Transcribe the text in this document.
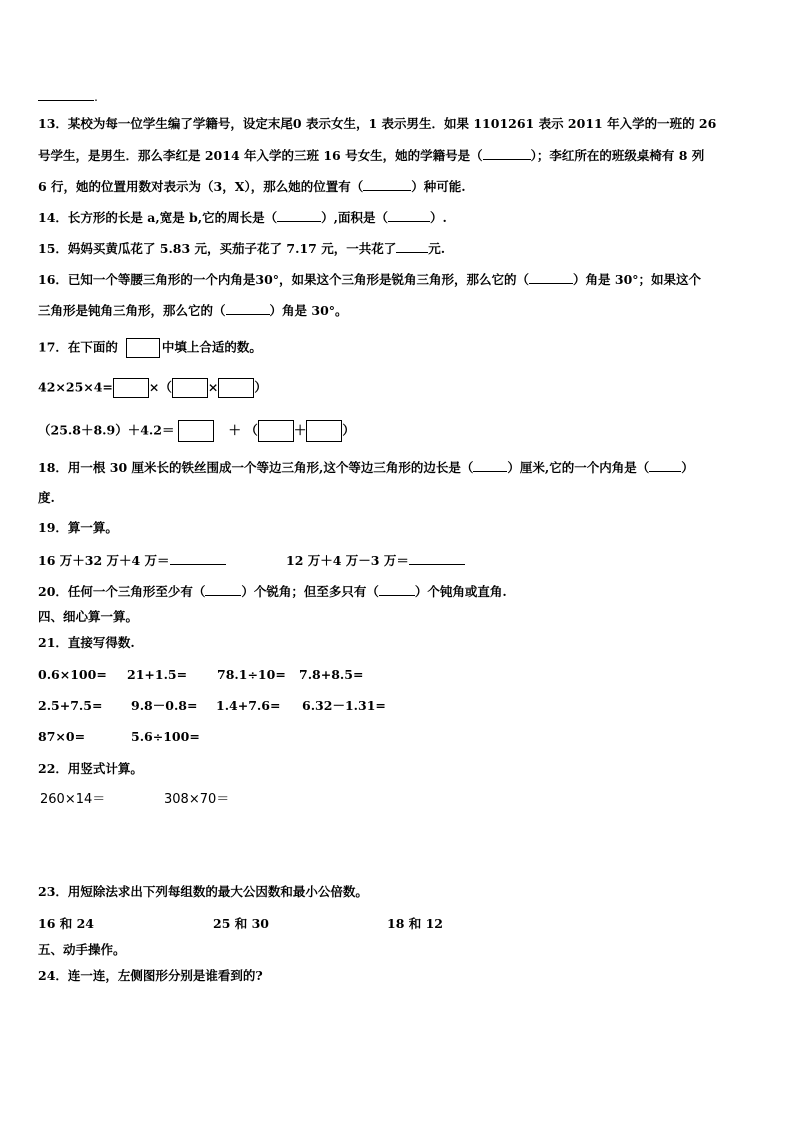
.
13．某校为每一位学生编了学籍号，设定末尾0 表示女生，1 表示男生．如果 1101261 表示 2011 年入学的一班的 26
号学生，是男生．那么李红是 2014 年入学的三班 16 号女生，她的学籍号是（	）；李红所在的班级桌椅有 8 列
6 行，她的位置用数对表示为（3，X），那么她的位置有（	）种可能.
14．长方形的长是 a,宽是 b,它的周长是（	）,面积是（	）.
15．妈妈买黄瓜花了 5.83 元，买茄子花了 7.17 元，一共花了	元.
16．已知一个等腰三角形的一个内角是30°，如果这个三角形是锐角三角形，那么它的（	）角是 30°；如果这个
三角形是钝角三角形，那么它的（	）角是 30°。
17．在下面的	中填上合适的数。
42×25×4=	×（	×	）
（25.8＋8.9）＋4.2＝	＋ （	＋	）
18．用一根 30 厘米长的铁丝围成一个等边三角形,这个等边三角形的边长是（	）厘米,它的一个内角是（	）
度.
19．算一算。
16 万＋32 万＋4 万＝	12 万＋4 万－3 万＝
20．任何一个三角形至少有（	）个锐角；但至多只有（	）个钝角或直角.
四、细心算一算。
21．直接写得数.
0.6×100= 21+1.5= 78.1÷10= 7.8+8.5=
2.5+7.5= 9.8－0.8= 1.4+7.6= 6.32－1.31=
87×0=	5.6÷100=
22．用竖式计算。
260×14＝	308×70＝
23．用短除法求出下列每组数的最大公因数和最小公倍数。
16 和 24	25 和 30	18 和 12
五、动手操作。
24．连一连，左侧图形分别是谁看到的?
